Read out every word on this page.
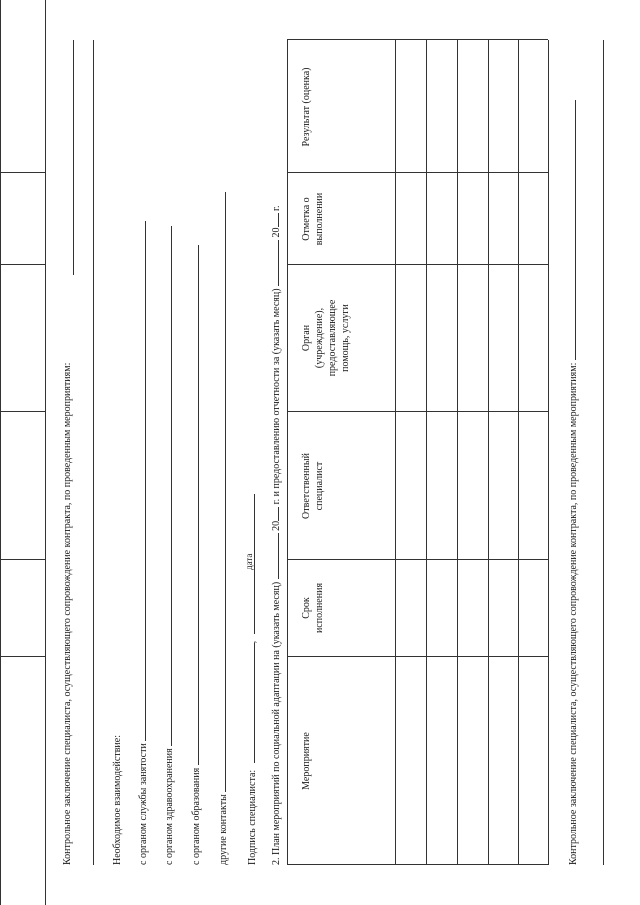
Контрольное заключение специалиста, осуществляющего сопровождение контракта, по проведенным мероприятиям:	Необходимое взаимодействие: с органом службы занятости с органом здравоохранения с органом образования другие контакты Подпись специалиста: ,
дата
2. План мероприятий по социальной адаптации на (указать месяц)  20 г. и предоставлению отчетности за (указать месяц)  20 г.
Мероприятие
Срок исполнения
Ответственный специалист
Орган (учреждение), предоставляющее помощь, услуги
Отметка о выполнении
Результат (оценка)
Контрольное заключение специалиста, осуществляющего сопровождение контракта, по проведенным мероприятиям:
